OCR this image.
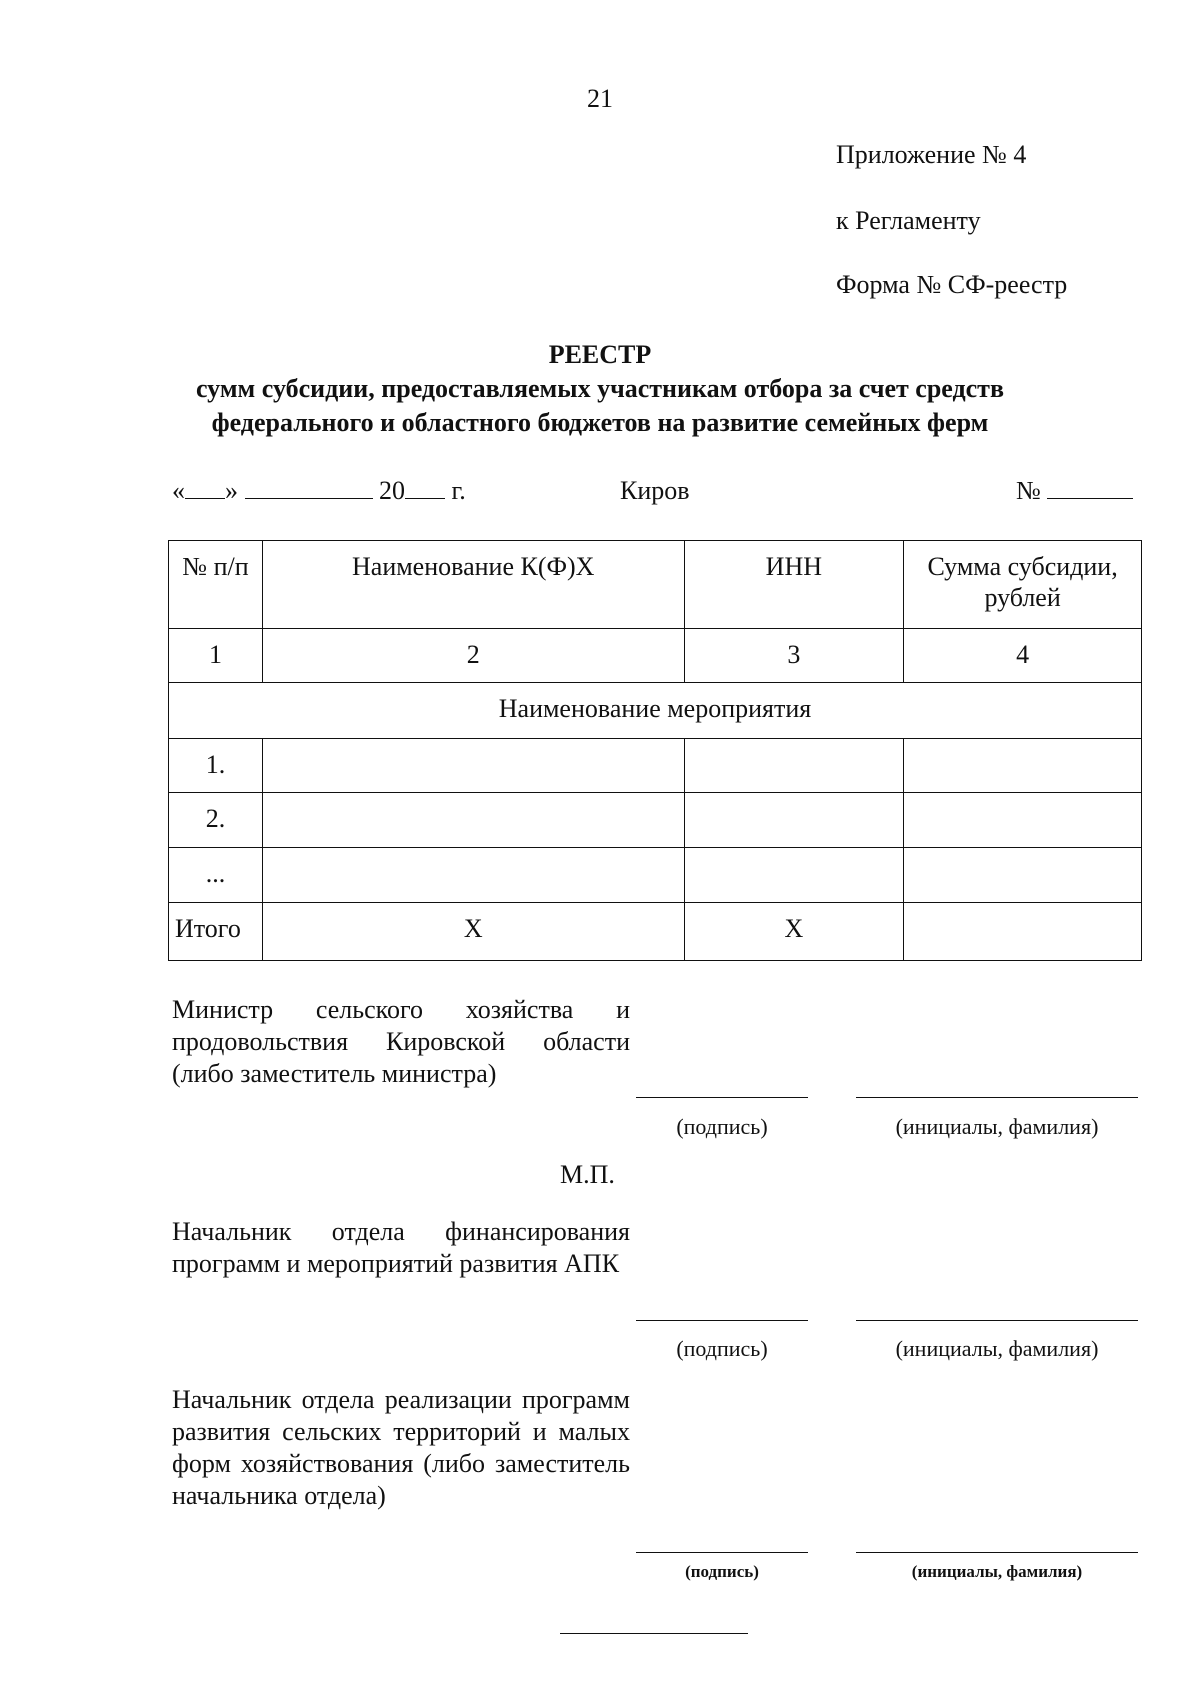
21
Приложение № 4
к Регламенту
Форма № СФ-реестр
РЕЕСТР
сумм субсидии, предоставляемых участникам отбора за счет средств
федерального и областного бюджетов на развитие семейных ферм
« »	20 г.	Киров	№
№ п/п	Наименование К(Ф)Х	ИНН	Сумма субсидии, рублей
1	2	3	4
Наименование мероприятия			
1.			
2.			
...			
Итого	Х	Х	
Министр сельского хозяйства и продовольствия Кировской области (либо заместитель министра)
(подпись)	(инициалы, фамилия)
М.П.
Начальник отдела финансирования программ и мероприятий развития АПК
(подпись)	(инициалы, фамилия)
Начальник отдела реализации программ развития сельских территорий и малых форм хозяйствования (либо заместитель начальника отдела)
(подпись)	(инициалы, фамилия)
